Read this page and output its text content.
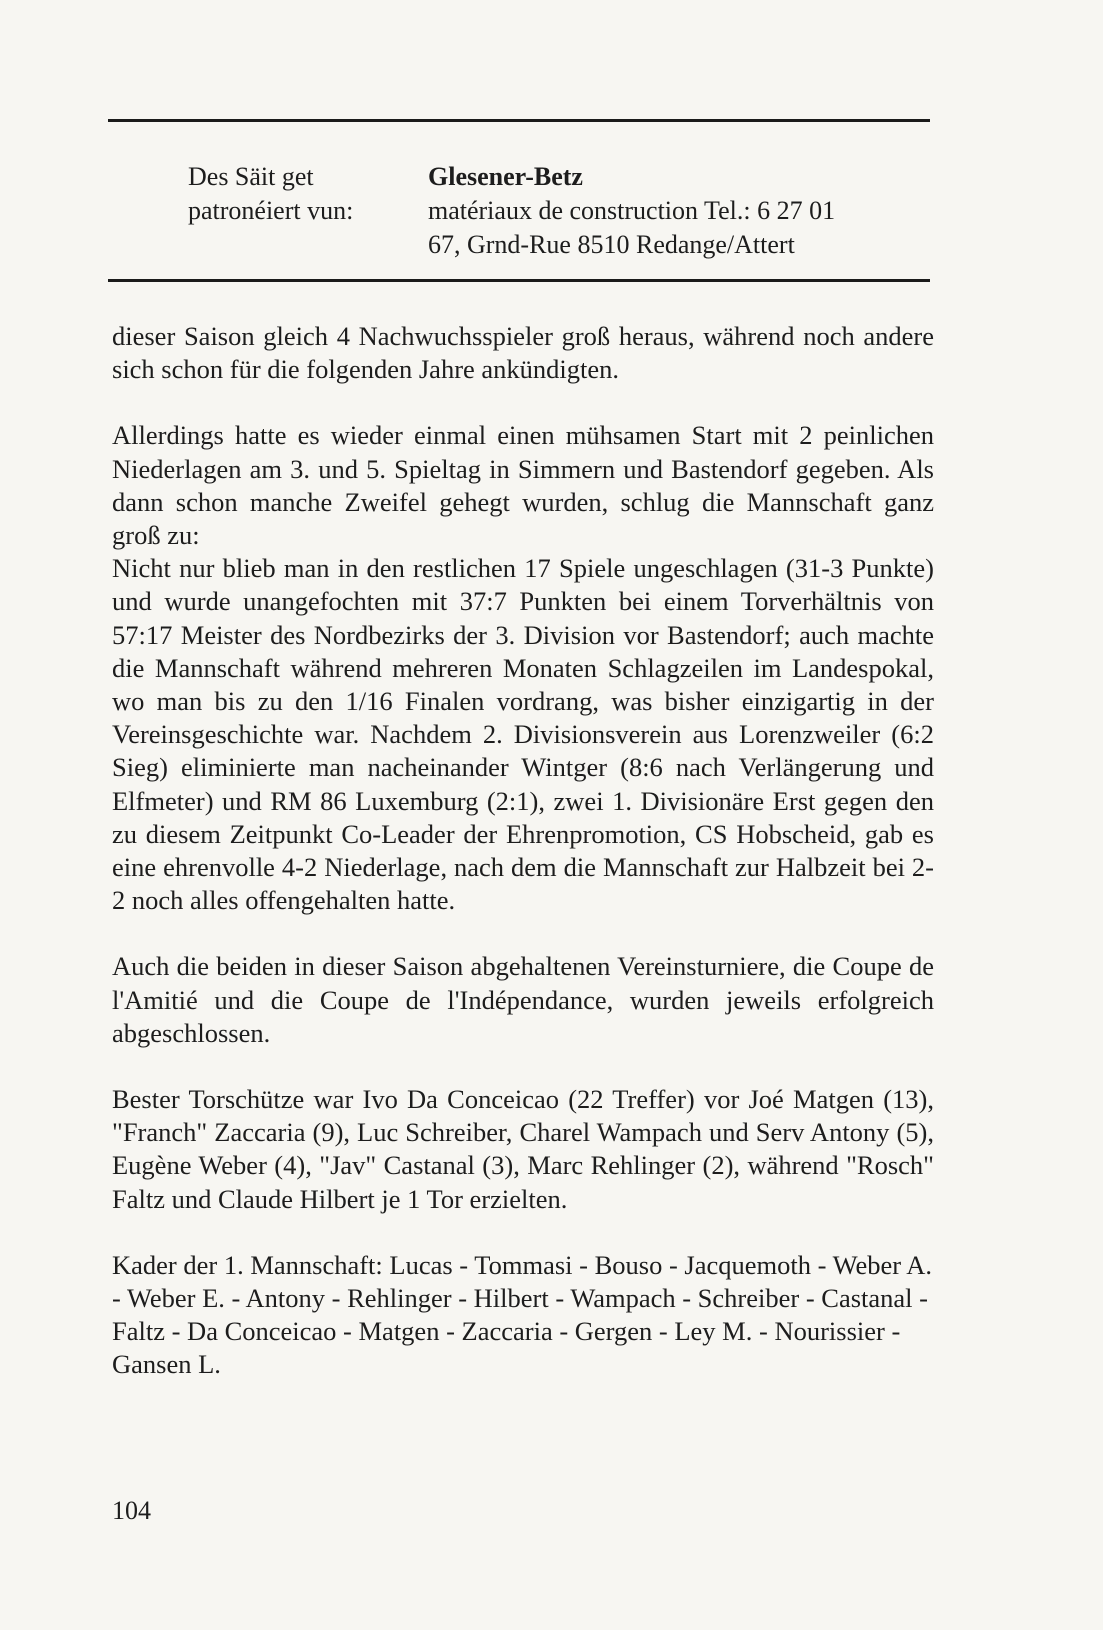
Des Säit get
patronéiert vun:
Glesener-Betz
matériaux de construction Tel.: 6 27 01
67, Grnd-Rue 8510 Redange/Attert

dieser Saison gleich 4 Nachwuchsspieler groß heraus, während noch andere sich schon für die folgenden Jahre ankündigten.

Allerdings hatte es wieder einmal einen mühsamen Start mit 2 peinlichen Niederlagen am 3. und 5. Spieltag in Simmern und Bastendorf gegeben. Als dann schon manche Zweifel gehegt wurden, schlug die Mannschaft ganz groß zu:

Nicht nur blieb man in den restlichen 17 Spiele ungeschlagen (31-3 Punkte) und wurde unangefochten mit 37:7 Punkten bei einem Torverhältnis von 57:17 Meister des Nordbezirks der 3. Division vor Bastendorf; auch machte die Mannschaft während mehreren Monaten Schlagzeilen im Landespokal, wo man bis zu den 1/16 Finalen vordrang, was bisher einzigartig in der Vereinsgeschichte war. Nachdem 2. Divisionsverein aus Lorenzweiler (6:2 Sieg) eliminierte man nacheinander Wintger (8:6 nach Verlängerung und Elfmeter) und RM 86 Luxemburg (2:1), zwei 1. Divisionäre Erst gegen den zu diesem Zeitpunkt Co-Leader der Ehrenpromotion, CS Hobscheid, gab es eine ehrenvolle 4-2 Niederlage, nach dem die Mannschaft zur Halbzeit bei 2-2 noch alles offengehalten hatte.

Auch die beiden in dieser Saison abgehaltenen Vereinsturniere, die Coupe de l'Amitié und die Coupe de l'Indépendance, wurden jeweils erfolgreich abgeschlossen.

Bester Torschütze war Ivo Da Conceicao (22 Treffer) vor Joé Matgen (13), "Franch" Zaccaria (9), Luc Schreiber, Charel Wampach und Serv Antony (5), Eugène Weber (4), "Jav" Castanal (3), Marc Rehlinger (2), während "Rosch" Faltz und Claude Hilbert je 1 Tor erzielten.

Kader der 1. Mannschaft: Lucas - Tommasi - Bouso - Jacquemoth - Weber A. - Weber E. - Antony - Rehlinger - Hilbert - Wampach - Schreiber - Castanal - Faltz - Da Conceicao - Matgen - Zaccaria - Gergen - Ley M. - Nourissier - Gansen L.

104
